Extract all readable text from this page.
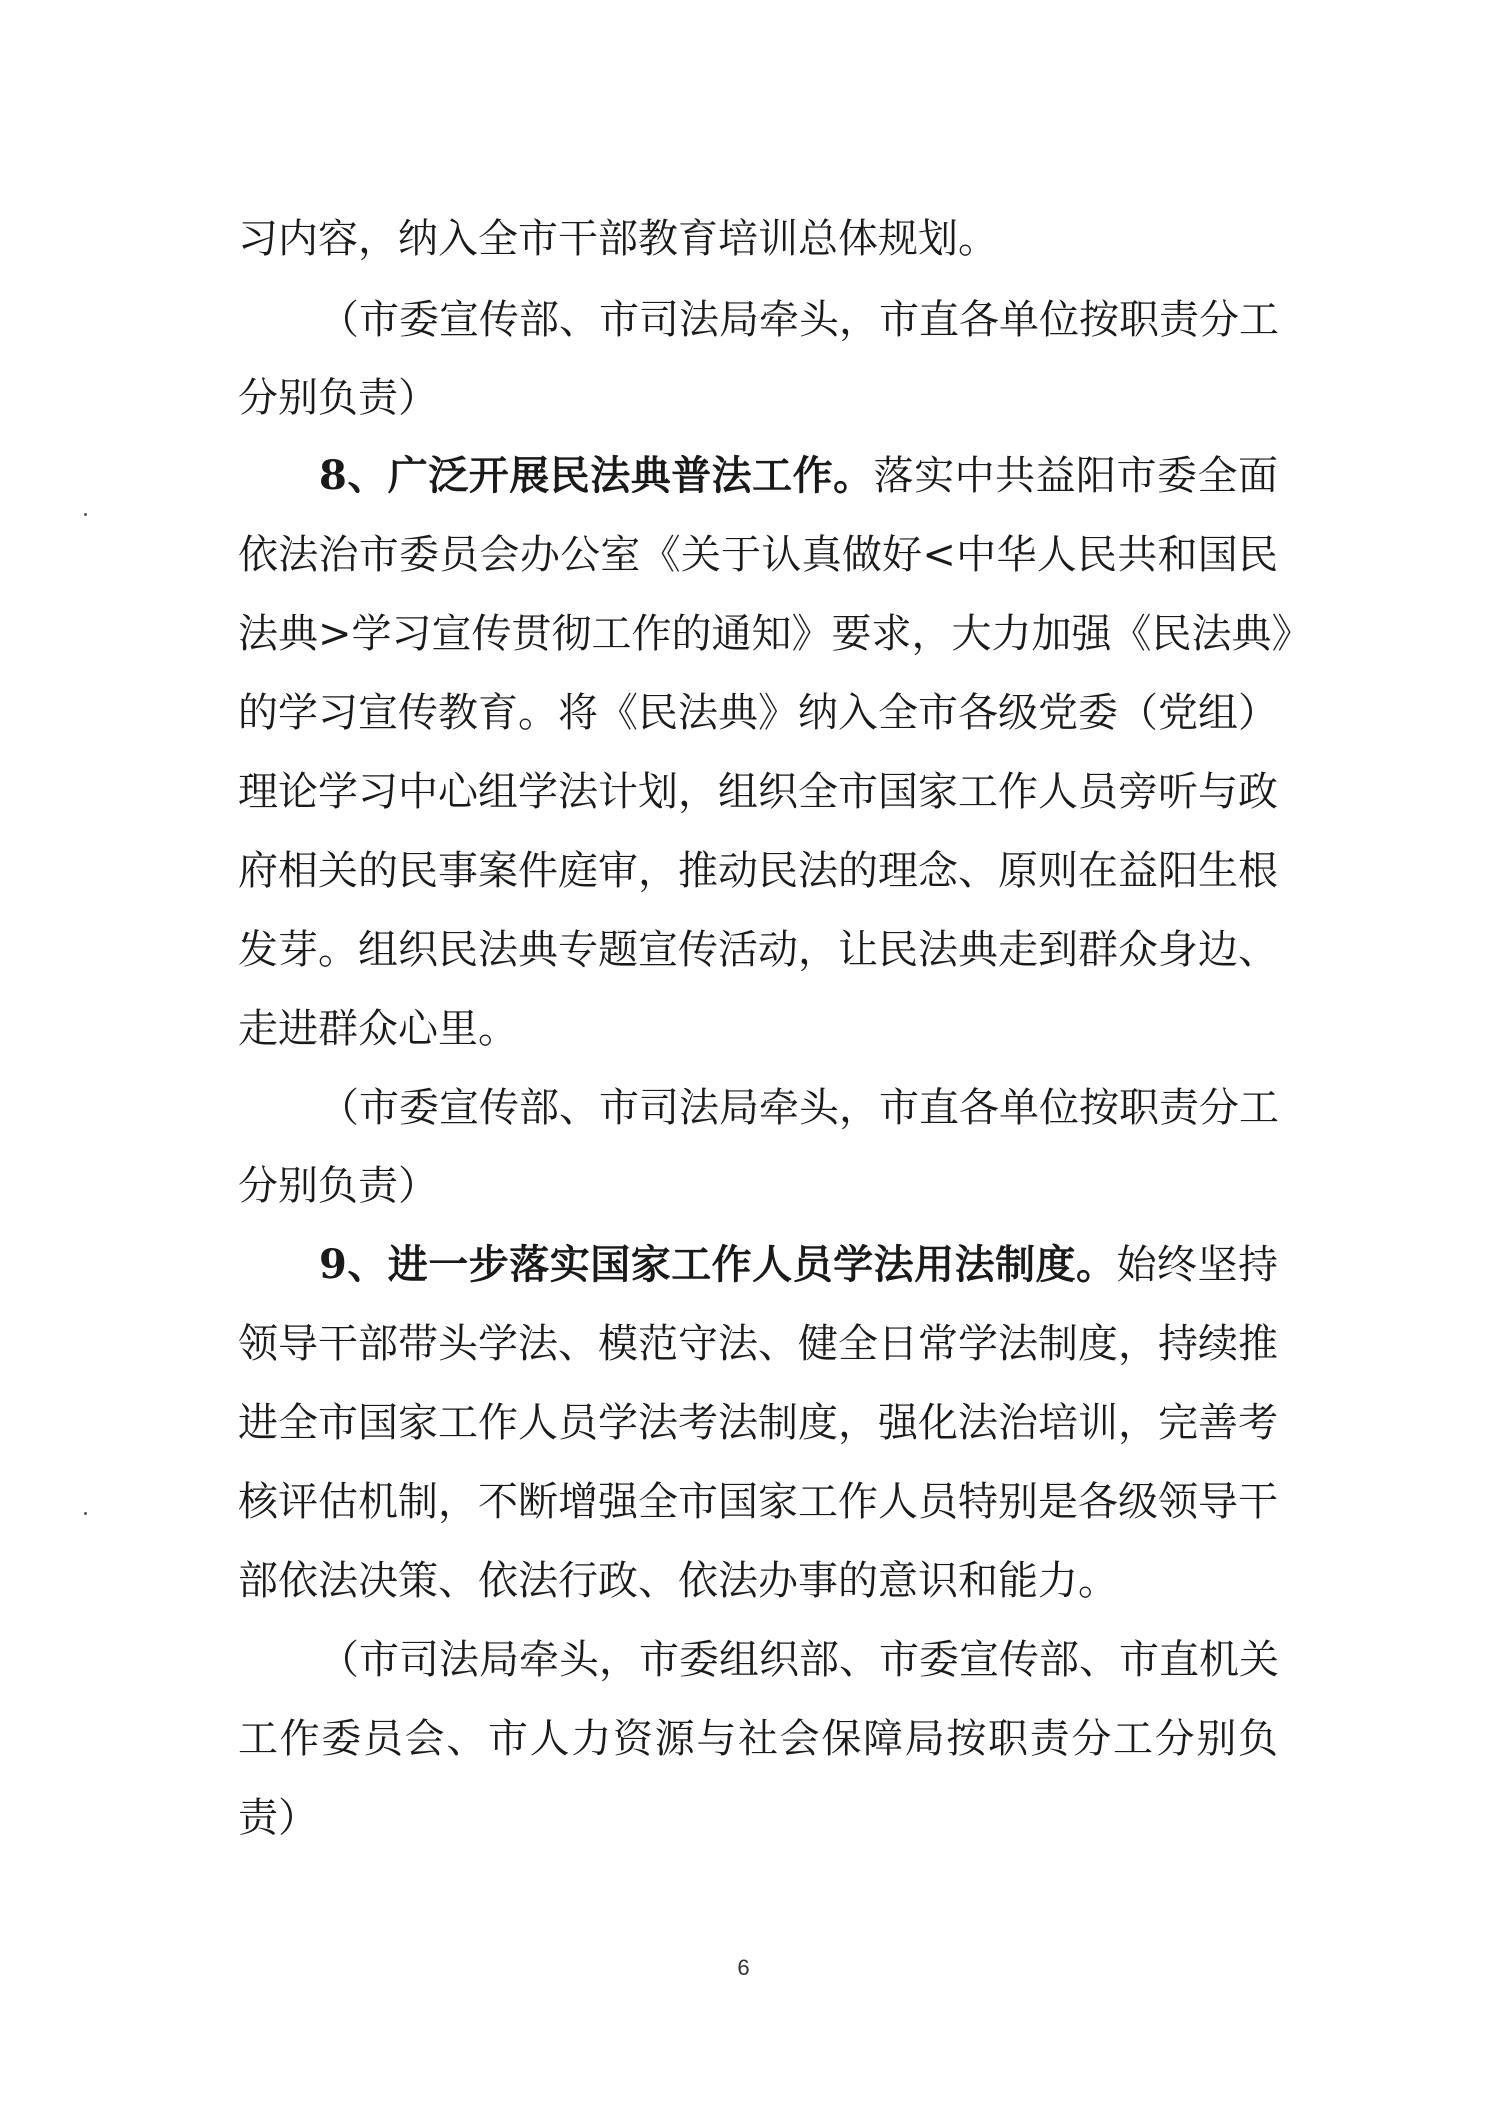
习内容，纳入全市干部教育培训总体规划。
（市委宣传部、市司法局牵头，市直各单位按职责分工
分别负责）
8、广泛开展民法典普法工作。落实中共益阳市委全面
依法治市委员会办公室《关于认真做好<中华人民共和国民
法典>学习宣传贯彻工作的通知》要求，大力加强《民法典》
的学习宣传教育。将《民法典》纳入全市各级党委（党组）
理论学习中心组学法计划，组织全市国家工作人员旁听与政
府相关的民事案件庭审，推动民法的理念、原则在益阳生根
发芽。组织民法典专题宣传活动，让民法典走到群众身边、
走进群众心里。
（市委宣传部、市司法局牵头，市直各单位按职责分工
分别负责）
9、进一步落实国家工作人员学法用法制度。始终坚持
领导干部带头学法、模范守法、健全日常学法制度，持续推
进全市国家工作人员学法考法制度，强化法治培训，完善考
核评估机制，不断增强全市国家工作人员特别是各级领导干
部依法决策、依法行政、依法办事的意识和能力。
（市司法局牵头，市委组织部、市委宣传部、市直机关
工作委员会、市人力资源与社会保障局按职责分工分别负
责）
6
